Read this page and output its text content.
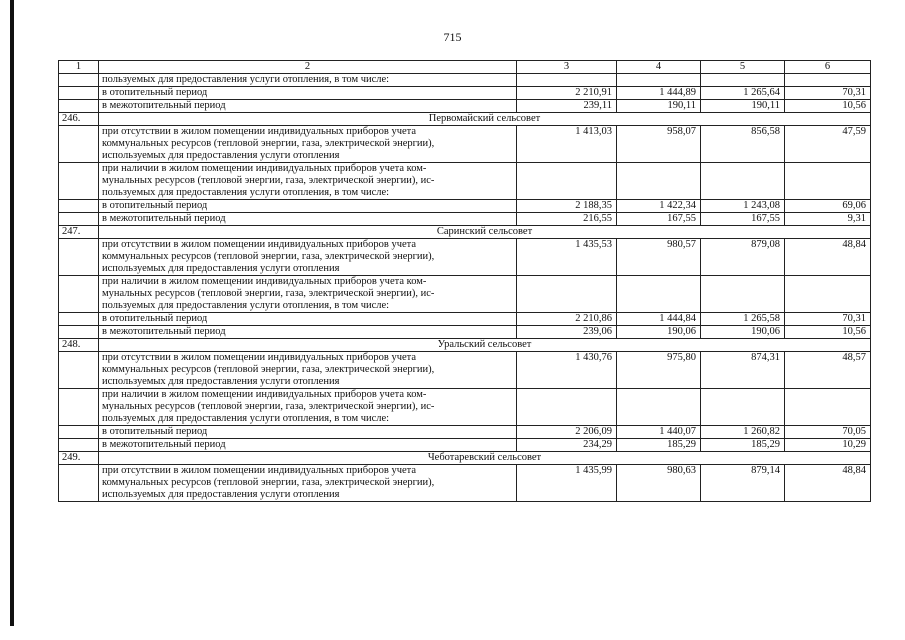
715
1	2	3	4	5	6

	пользуемых для предоставления услуги отопления, в том числе:				

	в отопительный период	2 210,91	1 444,89	1 265,64	70,31
	в межотопительный период	239,11	190,11	190,11	10,56
246.	Первомайский сельсовет				

	при отсутствии в жилом помещении индивидуальных приборов учета
коммунальных ресурсов (тепловой энергии, газа, электрической энергии),
используемых для предоставления услуги отопления	1 413,03	958,07	856,58	47,59

	при наличии в жилом помещении индивидуальных приборов учета ком-
мунальных ресурсов (тепловой энергии, газа, электрической энергии), ис-
пользуемых для предоставления услуги отопления, в том числе:				

	в отопительный период	2 188,35	1 422,34	1 243,08	69,06
	в межотопительный период	216,55	167,55	167,55	9,31
247.	Саринский сельсовет				

	при отсутствии в жилом помещении индивидуальных приборов учета
коммунальных ресурсов (тепловой энергии, газа, электрической энергии),
используемых для предоставления услуги отопления	1 435,53	980,57	879,08	48,84

	при наличии в жилом помещении индивидуальных приборов учета ком-
мунальных ресурсов (тепловой энергии, газа, электрической энергии), ис-
пользуемых для предоставления услуги отопления, в том числе:				

	в отопительный период	2 210,86	1 444,84	1 265,58	70,31
	в межотопительный период	239,06	190,06	190,06	10,56
248.	Уральский сельсовет				

	при отсутствии в жилом помещении индивидуальных приборов учета
коммунальных ресурсов (тепловой энергии, газа, электрической энергии),
используемых для предоставления услуги отопления	1 430,76	975,80	874,31	48,57

	при наличии в жилом помещении индивидуальных приборов учета ком-
мунальных ресурсов (тепловой энергии, газа, электрической энергии), ис-
пользуемых для предоставления услуги отопления, в том числе:				

	в отопительный период	2 206,09	1 440,07	1 260,82	70,05
	в межотопительный период	234,29	185,29	185,29	10,29
249.	Чеботаревский сельсовет				

	при отсутствии в жилом помещении индивидуальных приборов учета
коммунальных ресурсов (тепловой энергии, газа, электрической энергии),
используемых для предоставления услуги отопления	1 435,99	980,63	879,14	48,84
